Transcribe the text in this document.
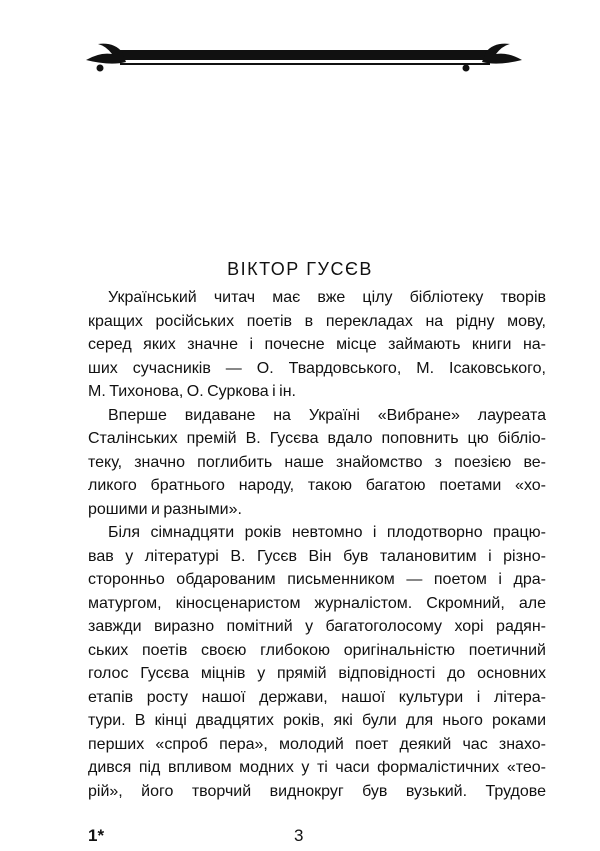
ВІКТОР ГУСЄВ
Український читач має вже цілу бібліотеку творів
кращих російських поетів в перекладах на рідну мову,
серед яких значне і почесне місце займають книги на-
ших сучасників — О. Твардовського, М. Ісаковського,
М. Тихонова, О. Суркова і ін.
Вперше видаване на Україні «Вибране» лауреата
Сталінських премій В. Гусєва вдало поповнить цю бібліо-
теку, значно поглибить наше знайомство з поезією ве-
ликого братнього народу, такою багатою поетами «хо-
рошими и разными».
Біля сімнадцяти років невтомно і плодотворно працю-
вав у літературі В. Гусєв Він був талановитим і різно-
сторонньо обдарованим письменником — поетом і дра-
матургом, кіносценаристом журналістом. Скромний, але
завжди виразно помітний у багатоголосому хорі радян-
ських поетів своєю глибокою оригінальністю поетичний
голос Гусєва міцнів у прямій відповідності до основних
етапів росту нашої держави, нашої культури і літера-
тури. В кінці двадцятих років, які були для нього роками
перших «спроб пера», молодий поет деякий час знахо-
дився під впливом модних у ті часи формалістичних «тео-
рій», його творчий виднокруг був вузький. Трудове
1*	3
